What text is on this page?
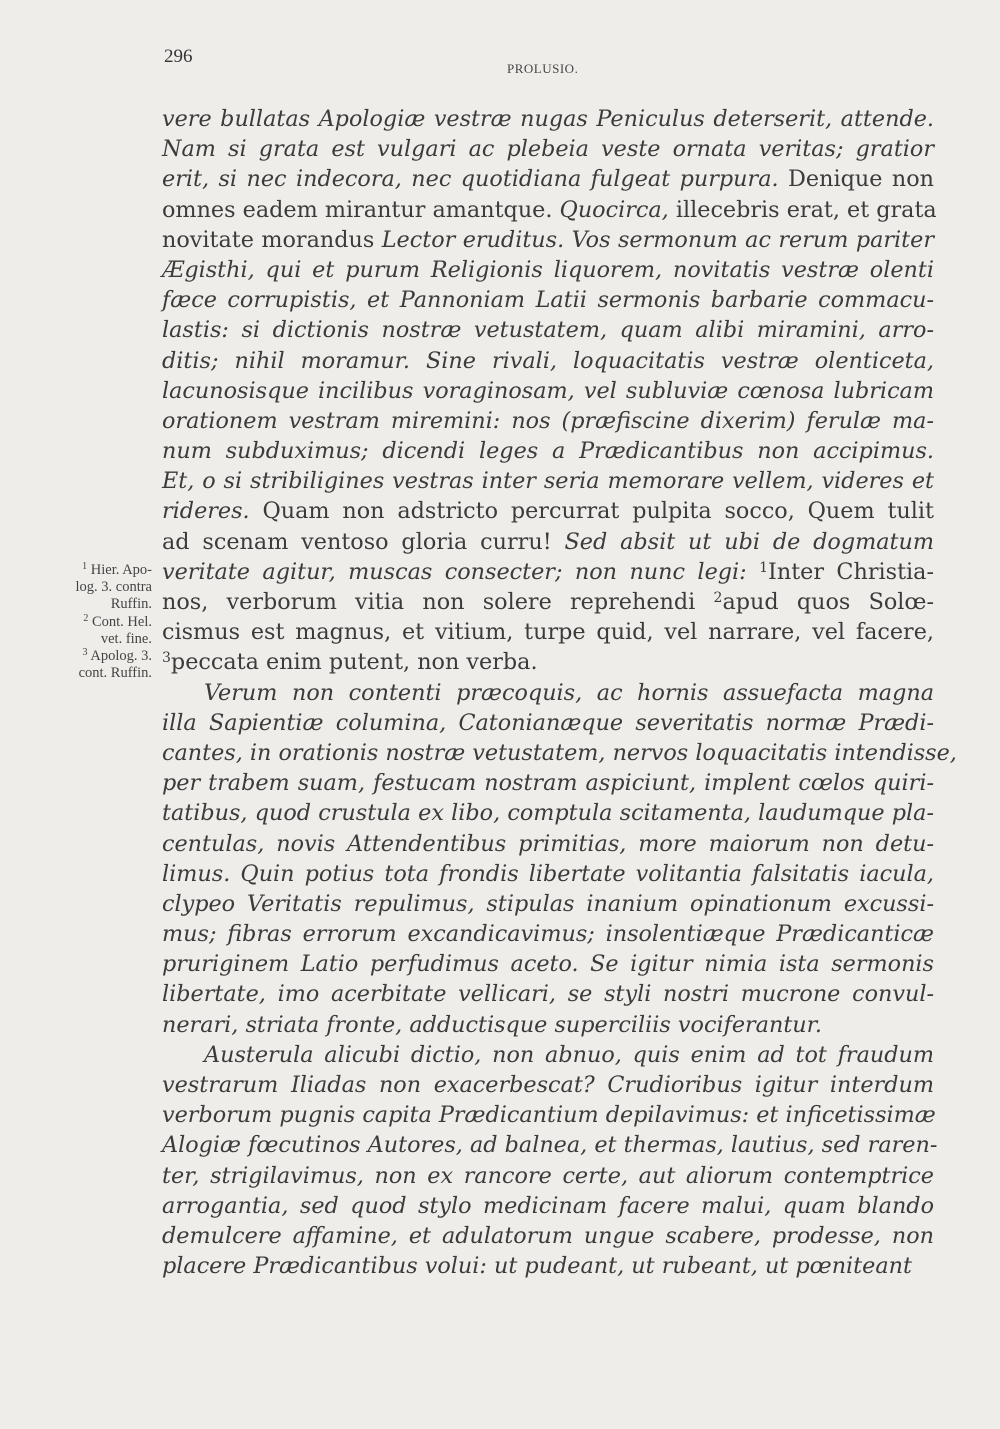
296
PROLUSIO.
$^1$ Hier. Apo-
log. 3. contra
Ruffin.
$^2$ Cont. Hel.
vet. fine.
$^3$ Apolog. 3.
cont. Ruffin.
vere bullatas Apologiæ vestræ nugas Peniculus deterserit, attende.
Nam si grata est vulgari ac plebeia veste ornata veritas; gratior
erit, si nec indecora, nec quotidiana fulgeat purpura. Denique non
omnes eadem mirantur amantque. Quocirca, illecebris erat, et grata
novitate morandus Lector eruditus. Vos sermonum ac rerum pariter
Ægisthi, qui et purum Religionis liquorem, novitatis vestræ olenti
fæce corrupistis, et Pannoniam Latii sermonis barbarie commacu-
lastis: si dictionis nostræ vetustatem, quam alibi miramini, arro-
ditis; nihil moramur. Sine rivali, loquacitatis vestræ olenticeta,
lacunosisque incilibus voraginosam, vel subluviæ cœnosa lubricam
orationem vestram miremini: nos (præfiscine dixerim) ferulæ ma-
num subduximus; dicendi leges a Prædicantibus non accipimus.
Et, o si stribiligines vestras inter seria memorare vellem, videres et
rideres. Quam non adstricto percurrat pulpita socco, Quem tulit
ad scenam ventoso gloria curru! Sed absit ut ubi de dogmatum
veritate agitur, muscas consecter; non nunc legi: $^1$Inter Christia-
nos, verborum vitia non solere reprehendi $^2$apud quos Solœ-
cismus est magnus, et vitium, turpe quid, vel narrare, vel facere,
$^3$peccata enim putent, non verba.
Verum non contenti præcoquis, ac hornis assuefacta magna
illa Sapientiæ columina, Catonianæque severitatis normæ Prædi-
cantes, in orationis nostræ vetustatem, nervos loquacitatis intendisse,
per trabem suam, festucam nostram aspiciunt, implent cœlos quiri-
tatibus, quod crustula ex libo, comptula scitamenta, laudumque pla-
centulas, novis Attendentibus primitias, more maiorum non detu-
limus. Quin potius tota frondis libertate volitantia falsitatis iacula,
clypeo Veritatis repulimus, stipulas inanium opinationum excussi-
mus; fibras errorum excandicavimus; insolentiæque Prædicanticæ
pruriginem Latio perfudimus aceto. Se igitur nimia ista sermonis
libertate, imo acerbitate vellicari, se styli nostri mucrone convul-
nerari, striata fronte, adductisque superciliis vociferantur.
Austerula alicubi dictio, non abnuo, quis enim ad tot fraudum
vestrarum Iliadas non exacerbescat? Crudioribus igitur interdum
verborum pugnis capita Prædicantium depilavimus: et inficetissimæ
Alogiæ fœcutinos Autores, ad balnea, et thermas, lautius, sed raren-
ter, strigilavimus, non ex rancore certe, aut aliorum contemptrice
arrogantia, sed quod stylo medicinam facere malui, quam blando
demulcere affamine, et adulatorum ungue scabere, prodesse, non
placere Prædicantibus volui: ut pudeant, ut rubeant, ut pœniteant
